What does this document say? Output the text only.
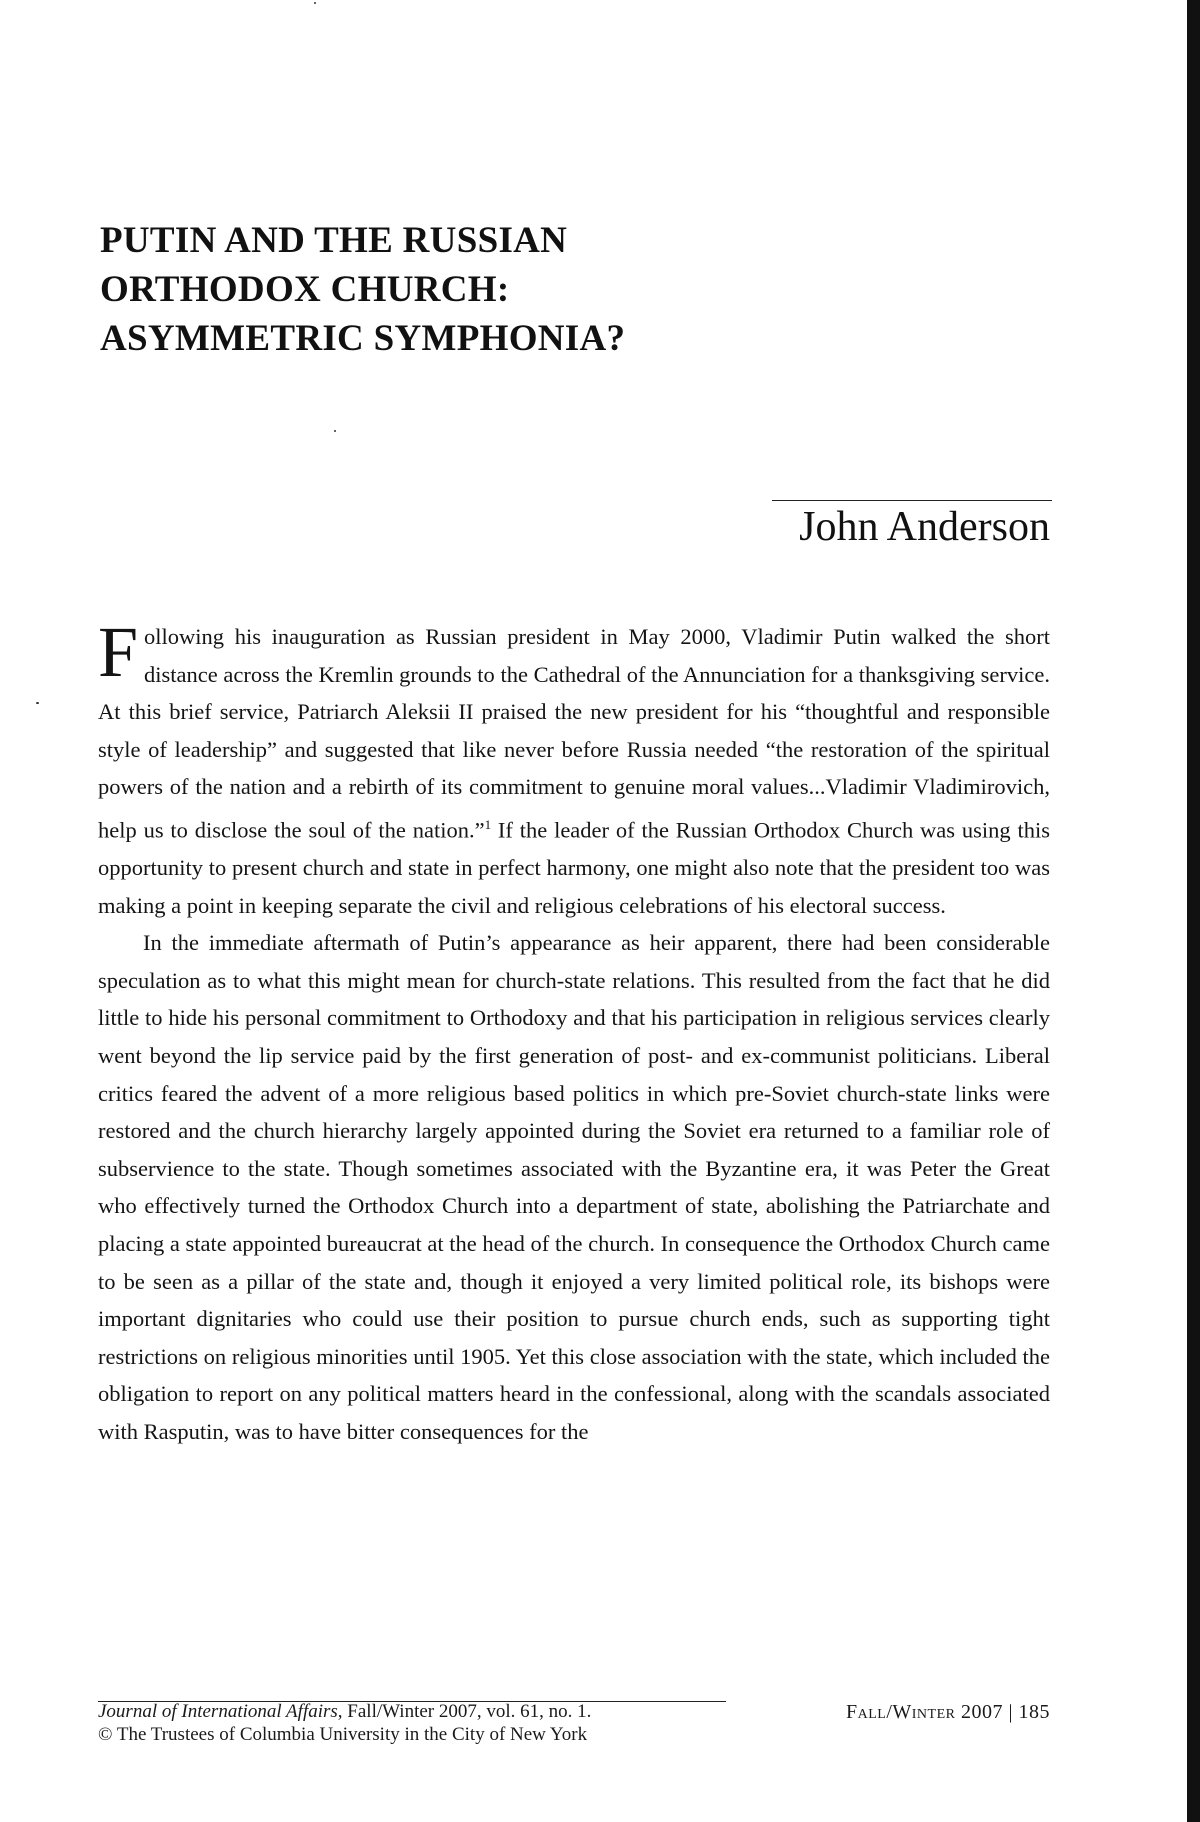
PUTIN AND THE RUSSIAN
ORTHODOX CHURCH:
ASYMMETRIC SYMPHONIA?
John Anderson

Following his inauguration as Russian president in May 2000, Vladimir Putin walked the short distance across the Kremlin grounds to the Cathedral of the Annunciation for a thanksgiving service. At this brief service, Patriarch Aleksii II praised the new president for his “thoughtful and responsible style of leadership” and suggested that like never before Russia needed “the restoration of the spiritual powers of the nation and a rebirth of its commitment to genuine moral values...Vladimir Vladimirovich, help us to disclose the soul of the nation.”$^1$ If the leader of the Russian Orthodox Church was using this opportunity to present church and state in perfect harmony, one might also note that the president too was making a point in keeping separate the civil and religious celebrations of his electoral success.

In the immediate aftermath of Putin’s appearance as heir apparent, there had been considerable speculation as to what this might mean for church-state relations. This resulted from the fact that he did little to hide his personal commitment to Orthodoxy and that his participation in religious services clearly went beyond the lip service paid by the first generation of post- and ex-communist politicians. Liberal critics feared the advent of a more religious based politics in which pre-Soviet church-state links were restored and the church hierarchy largely appointed during the Soviet era returned to a familiar role of subservience to the state. Though sometimes associated with the Byzantine era, it was Peter the Great who effectively turned the Orthodox Church into a department of state, abolishing the Patriarchate and placing a state appointed bureaucrat at the head of the church. In consequence the Orthodox Church came to be seen as a pillar of the state and, though it enjoyed a very limited political role, its bishops were important dignitaries who could use their position to pursue church ends, such as supporting tight restrictions on religious minorities until 1905. Yet this close association with the state, which included the obligation to report on any political matters heard in the confessional, along with the scandals associated with Rasputin, was to have bitter consequences for the

Journal of International Affairs, Fall/Winter 2007, vol. 61, no. 1.
© The Trustees of Columbia University in the City of New York
Fall/Winter 2007 | 185
